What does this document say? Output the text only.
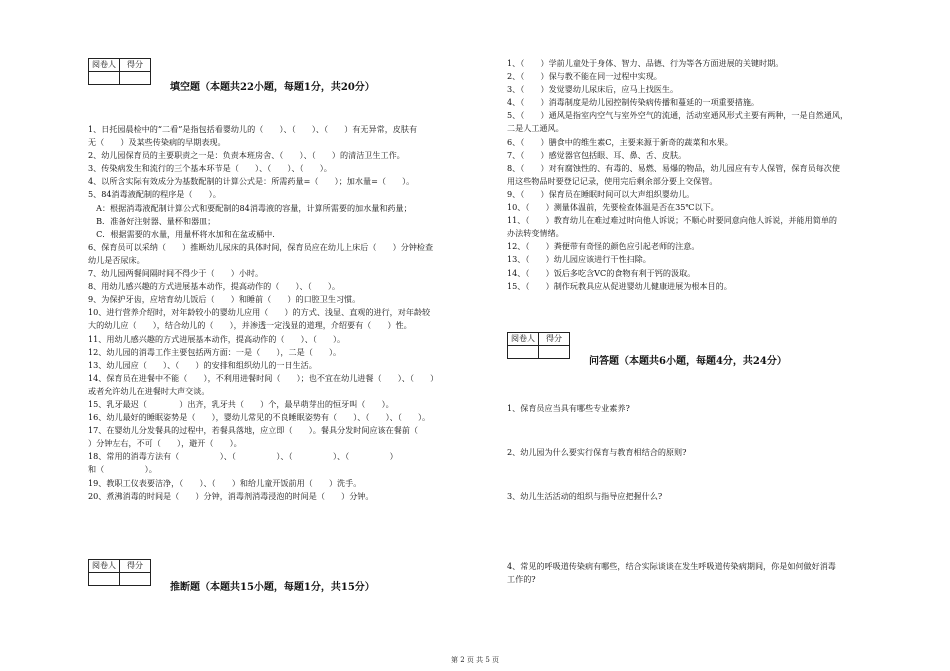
阅卷人	得分

填空题（本题共22小题，每题1分，共20分）
1、日托园晨检中的“二看”是指包括看婴幼儿的（　　）、（　　）、（　　）有无异常，皮肤有
无（　　）及某些传染病的早期表现。
2、幼儿园保育员的主要职责之一是：负责本班房舍、（　　）、（　　）的清洁卫生工作。
3、传染病发生和流行的三个基本环节是（　　）、（　　）、（　　）。
4、以所含实际有效成分为基数配制的计算公式是：所需药量=（　　）；加水量=（　　）。
5、84消毒液配制的程序是（　　）。
　A：根据消毒液配制计算公式和要配制的84消毒液的容量，计算所需要的加水量和药量；
　B．准备好注射器、量杯和器皿；
　C．根据需要的水量，用量杯将水加和在盆或桶中.
6、保育员可以采纳（　　）推断幼儿尿床的具体时间，保育员应在幼儿上床后（　　）分钟检查
幼儿是否尿床。
7、幼儿园两餐间隔时间不得少于（　　）小时。
8、用幼儿感兴趣的方式进展基本动作，提高动作的（　　）、（　　）。
9、为保护牙齿，应培育幼儿饭后（　　）和睡前（　　）的口腔卫生习惯。
10、进行营养介绍时，对年龄较小的婴幼儿应用（　　）的方式、浅显、直观的进行，对年龄较
大的幼儿应（　　），结合幼儿的（　　），并渗透一定浅显的道理，介绍要有（　　）性。
11、用幼儿感兴趣的方式进展基本动作，提高动作的（　　）、（　　）。
12、幼儿园的消毒工作主要包括两方面：一是（　　），二是（　　）。
13、幼儿园应（　　）、（　　）的安排和组织幼儿的一日生活。
14、保育员在进餐中不能（　　），不利用进餐时间（　　）；也不宜在幼儿进餐（　　）、（　　）
或者允许幼儿在进餐时大声交谈。
15、乳牙最迟（　　　　）出齐，乳牙共（　　）个，最早萌芽出的恒牙叫（　　）。
16、幼儿最好的睡眠姿势是（　　），婴幼儿常见的不良睡眠姿势有（　　）、（　　）、（　　）。
17、在婴幼儿分发餐具的过程中，若餐具落地，应立即（　　）。餐具分发时间应该在餐前（　
）分钟左右，不可（　　），避开（　　）。
18、常用的消毒方法有（　　　　　）、（　　　　　）、（　　　　　）、（　　　　　）
和（　　　　　）。
19、教职工仪表要洁净，（　　）、（　　）和给儿童开饭前用（　　）洗手。
20、煮沸消毒的时间是（　　）分钟，消毒剂消毒浸泡的时间是（　　）分钟。
阅卷人	得分

推断题（本题共15小题，每题1分，共15分）
1、（　　）学前儿童处于身体、智力、品德、行为等各方面进展的关键时期。
2、（　　）保与教不能在同一过程中实现。
3、（　　）发觉婴幼儿尿床后，应马上找医生。
4、（　　）消毒制度是幼儿园控制传染病传播和蔓延的一项重要措施。
5、（　　）通风是指室内空气与室外空气的流通，活动室通风形式主要有两种，一是自然通风，
二是人工通风。
6、（　　）膳食中的维生素C，主要来源于新奇的蔬菜和水果。
7、（　　）感觉器官包括眼、耳、鼻、舌、皮肤。
8、（　　）对有腐蚀性的、有毒的、易燃、易爆的物品，幼儿园应有专人保管，保育员每次使
用这些物品时要登记记录，使用完后剩余部分要上交保管。
9、（　　）保育员在睡眠时间可以大声组织婴幼儿。
10、（　　）测量体温前，先要检查体温是否在35℃以下。
11、（　　）教育幼儿在难过难过时向他人诉说；不顺心时要同意向他人诉说，并能用简单的
办法转变情绪。
12、（　　）粪便带有奇怪的颜色应引起老师的注意。
13、（　　）幼儿园应该进行干性扫除。
14、（　　）饭后多吃含VC的食物有利于钙的汲取。
15、（　　）制作玩教具应从促进婴幼儿健康进展为根本目的。
阅卷人	得分

问答题（本题共6小题，每题4分，共24分）
1、保育员应当具有哪些专业素养?
2、幼儿园为什么要实行保育与教育相结合的原则?
3、幼儿生活活动的组织与指导应把握什么?
4、常见的呼吸道传染病有哪些，结合实际谈谈在发生呼吸道传染病期间，你是如何做好消毒
工作的?
第 2 页 共 5 页
